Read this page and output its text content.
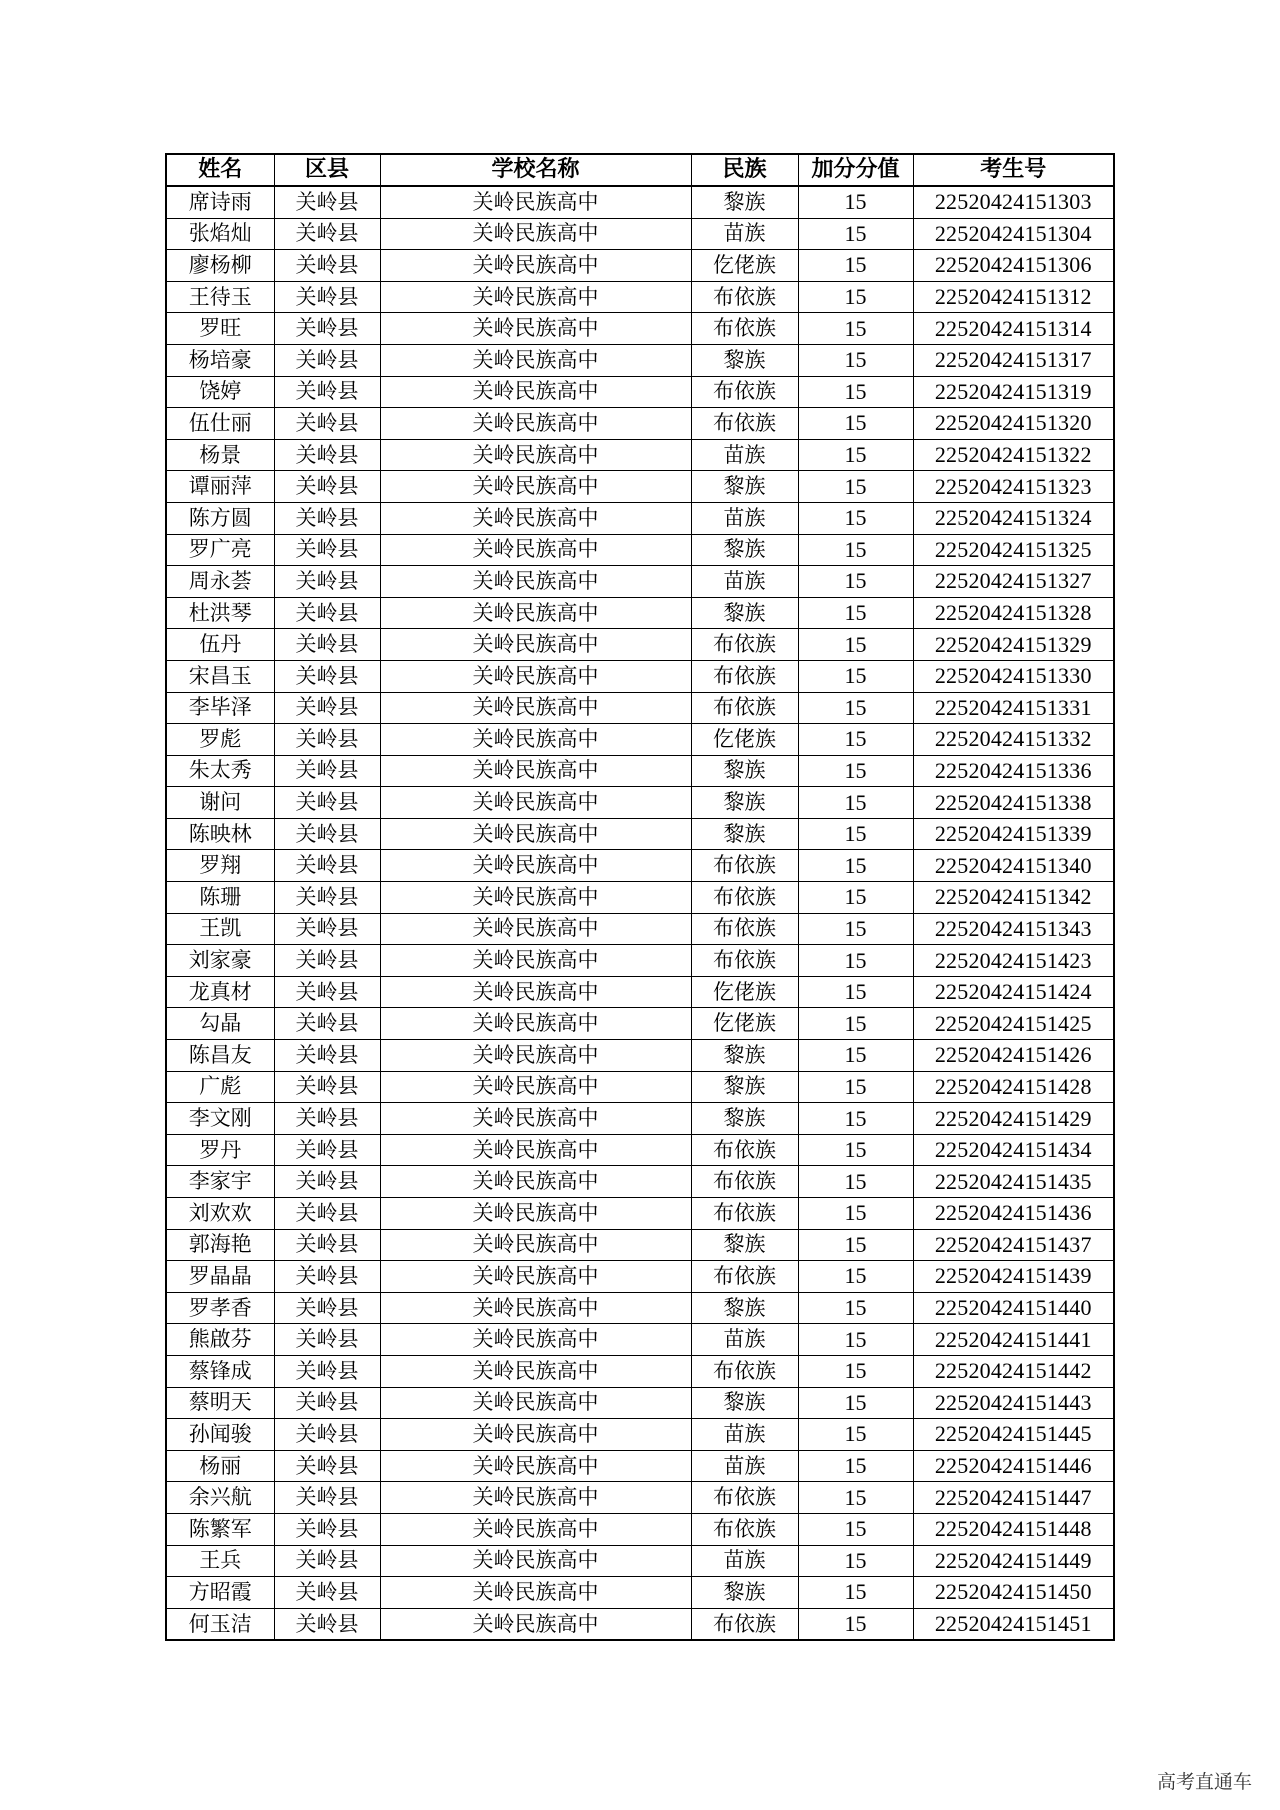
姓名	区县	学校名称	民族	加分分值	考生号
席诗雨	关岭县	关岭民族高中	黎族	15	22520424151303
张焰灿	关岭县	关岭民族高中	苗族	15	22520424151304
廖杨柳	关岭县	关岭民族高中	仡佬族	15	22520424151306
王待玉	关岭县	关岭民族高中	布依族	15	22520424151312
罗旺	关岭县	关岭民族高中	布依族	15	22520424151314
杨培豪	关岭县	关岭民族高中	黎族	15	22520424151317
饶婷	关岭县	关岭民族高中	布依族	15	22520424151319
伍仕丽	关岭县	关岭民族高中	布依族	15	22520424151320
杨景	关岭县	关岭民族高中	苗族	15	22520424151322
谭丽萍	关岭县	关岭民族高中	黎族	15	22520424151323
陈方圆	关岭县	关岭民族高中	苗族	15	22520424151324
罗广亮	关岭县	关岭民族高中	黎族	15	22520424151325
周永荟	关岭县	关岭民族高中	苗族	15	22520424151327
杜洪琴	关岭县	关岭民族高中	黎族	15	22520424151328
伍丹	关岭县	关岭民族高中	布依族	15	22520424151329
宋昌玉	关岭县	关岭民族高中	布依族	15	22520424151330
李毕泽	关岭县	关岭民族高中	布依族	15	22520424151331
罗彪	关岭县	关岭民族高中	仡佬族	15	22520424151332
朱太秀	关岭县	关岭民族高中	黎族	15	22520424151336
谢问	关岭县	关岭民族高中	黎族	15	22520424151338
陈映林	关岭县	关岭民族高中	黎族	15	22520424151339
罗翔	关岭县	关岭民族高中	布依族	15	22520424151340
陈珊	关岭县	关岭民族高中	布依族	15	22520424151342
王凯	关岭县	关岭民族高中	布依族	15	22520424151343
刘家豪	关岭县	关岭民族高中	布依族	15	22520424151423
龙真材	关岭县	关岭民族高中	仡佬族	15	22520424151424
勾晶	关岭县	关岭民族高中	仡佬族	15	22520424151425
陈昌友	关岭县	关岭民族高中	黎族	15	22520424151426
广彪	关岭县	关岭民族高中	黎族	15	22520424151428
李文刚	关岭县	关岭民族高中	黎族	15	22520424151429
罗丹	关岭县	关岭民族高中	布依族	15	22520424151434
李家宇	关岭县	关岭民族高中	布依族	15	22520424151435
刘欢欢	关岭县	关岭民族高中	布依族	15	22520424151436
郭海艳	关岭县	关岭民族高中	黎族	15	22520424151437
罗晶晶	关岭县	关岭民族高中	布依族	15	22520424151439
罗孝香	关岭县	关岭民族高中	黎族	15	22520424151440
熊啟芬	关岭县	关岭民族高中	苗族	15	22520424151441
蔡锋成	关岭县	关岭民族高中	布依族	15	22520424151442
蔡明天	关岭县	关岭民族高中	黎族	15	22520424151443
孙闻骏	关岭县	关岭民族高中	苗族	15	22520424151445
杨丽	关岭县	关岭民族高中	苗族	15	22520424151446
余兴航	关岭县	关岭民族高中	布依族	15	22520424151447
陈繁军	关岭县	关岭民族高中	布依族	15	22520424151448
王兵	关岭县	关岭民族高中	苗族	15	22520424151449
方昭霞	关岭县	关岭民族高中	黎族	15	22520424151450
何玉洁	关岭县	关岭民族高中	布依族	15	22520424151451
高考直通车
